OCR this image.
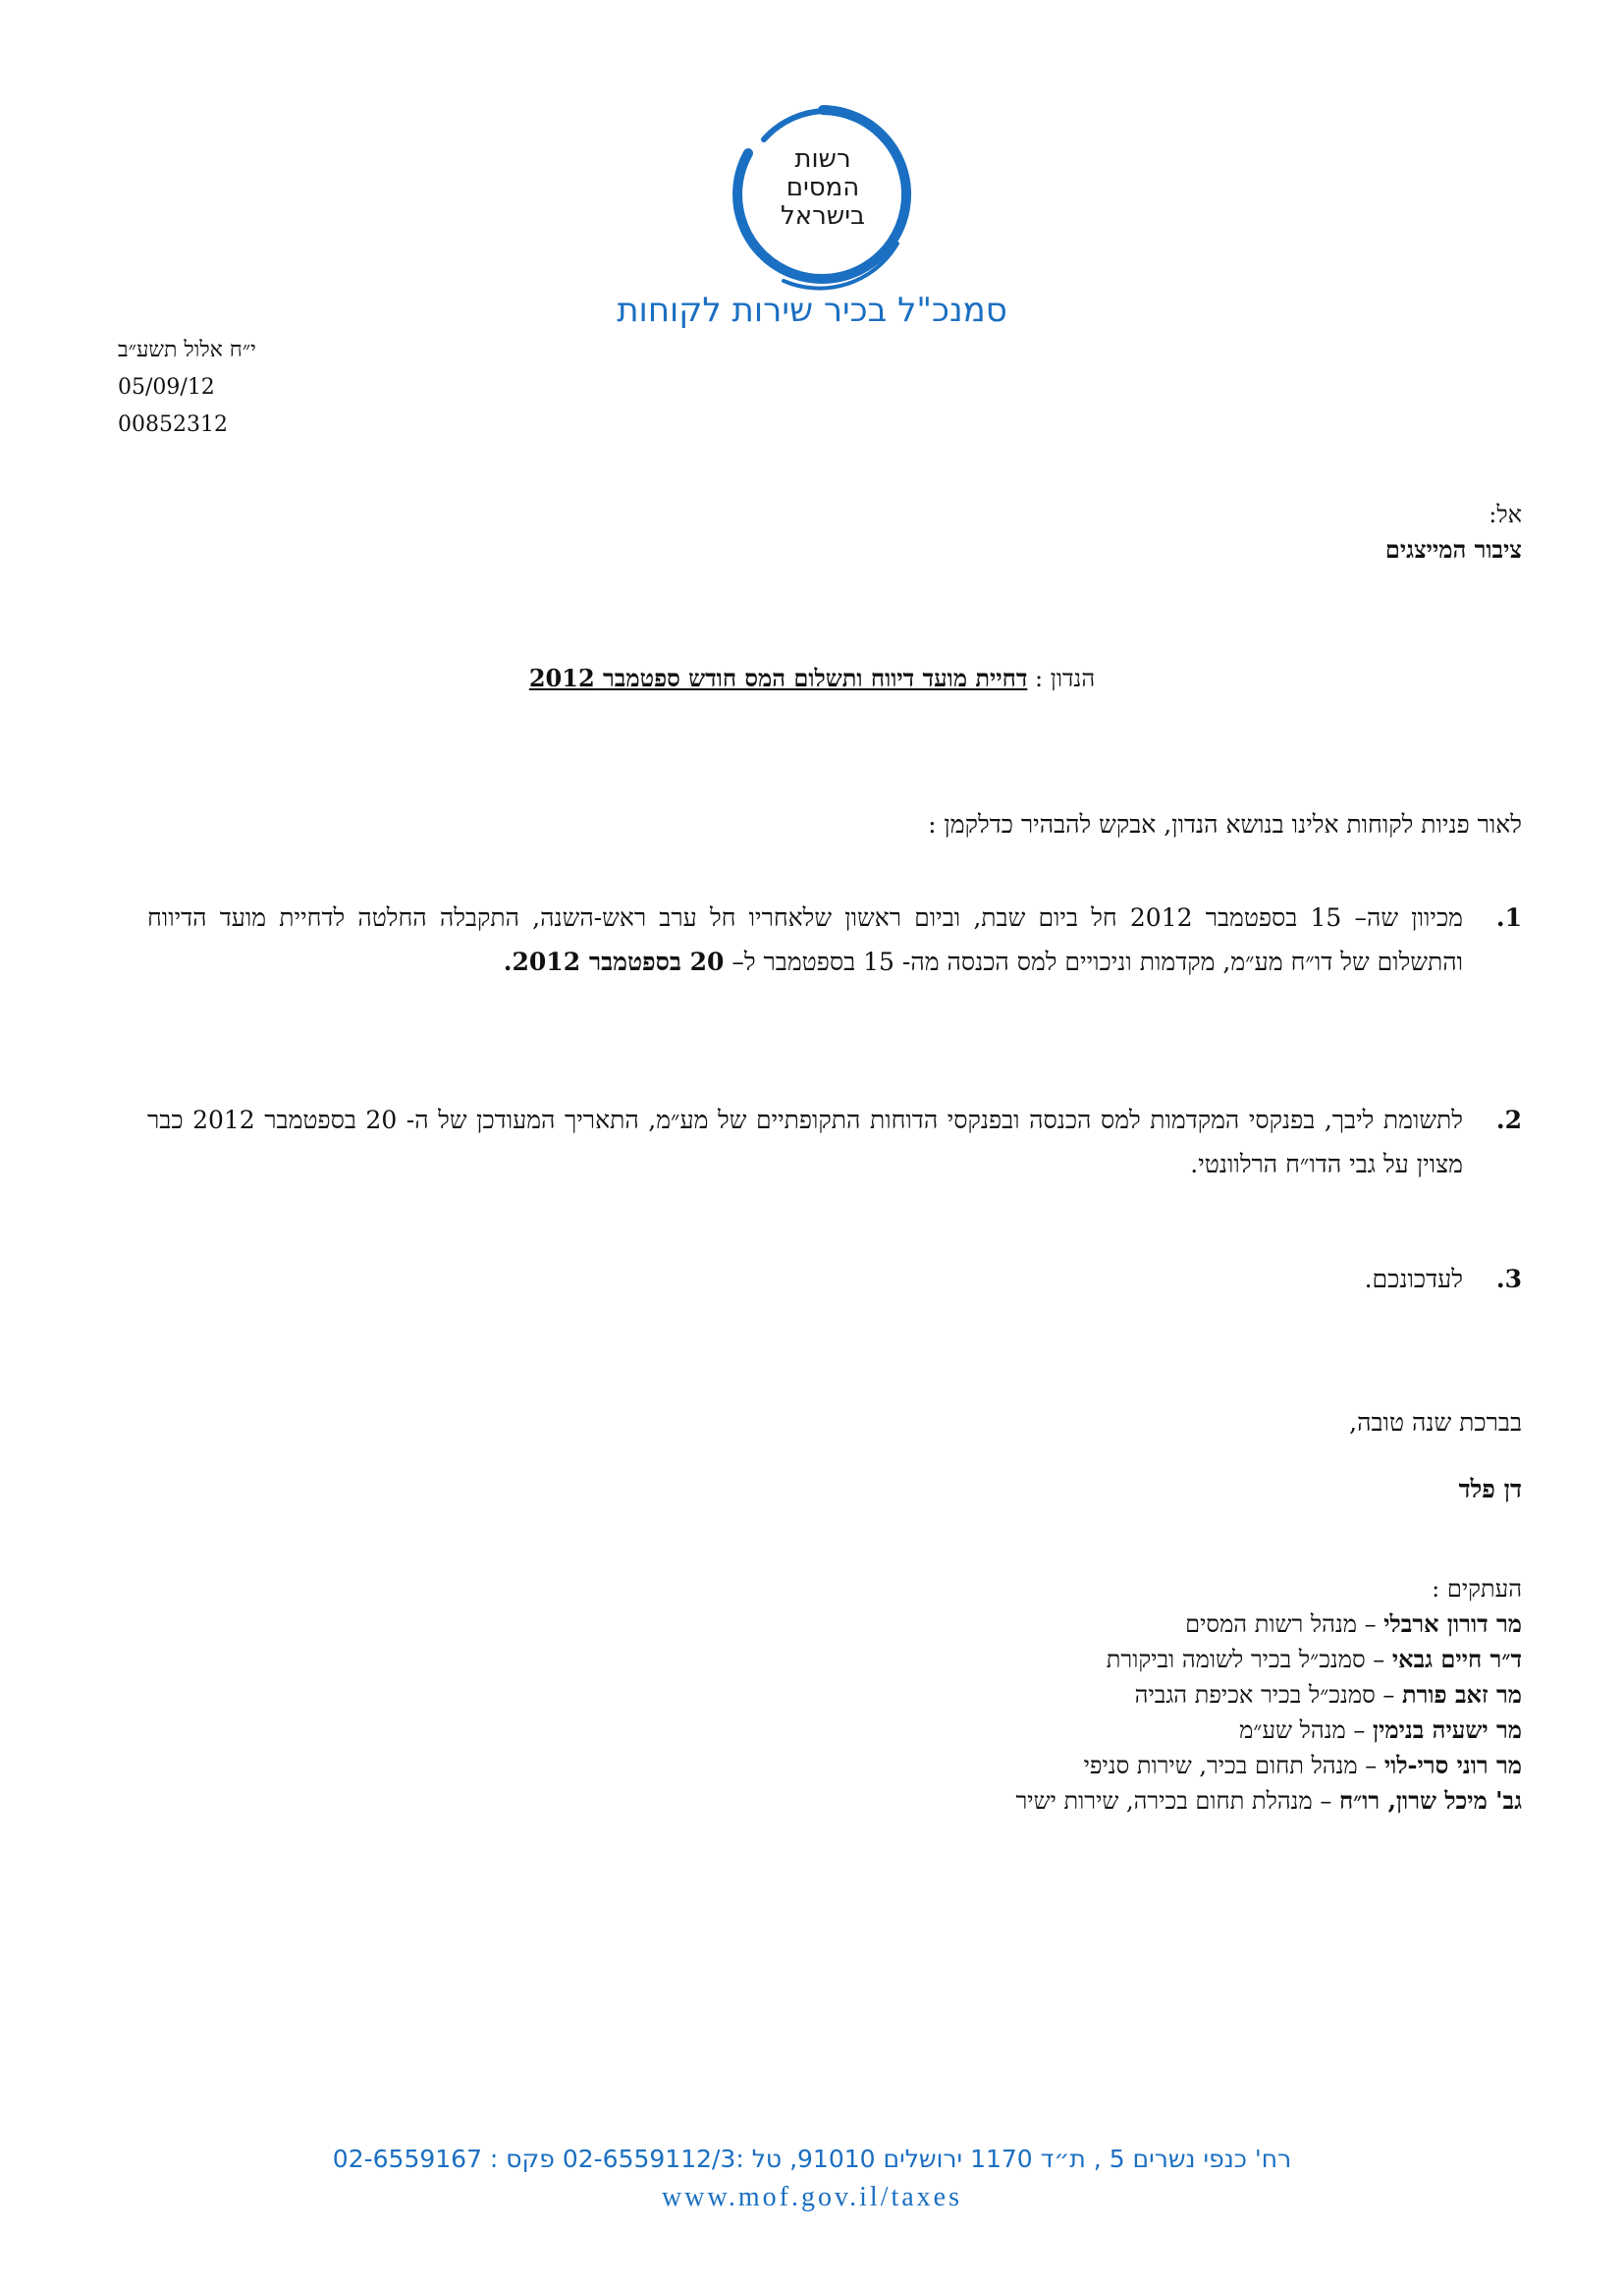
רשות
המסים
בישראל
סמנכ"ל בכיר שירות לקוחות
י״ח אלול תשע״ב
05/09/12
00852312
אל:
ציבור המייצגים
הנדון : דחיית מועד דיווח ותשלום המס חודש ספטמבר 2012
לאור פניות לקוחות אלינו בנושא הנדון, אבקש להבהיר כדלקמן :
1.
מכיוון שה– 15 בספטמבר 2012 חל ביום שבת, וביום ראשון שלאחריו חל ערב ראש-השנה, התקבלה החלטה לדחיית מועד הדיווח והתשלום של דו״ח מע״מ, מקדמות וניכויים למס הכנסה מה- 15 בספטמבר ל– 20 בספטמבר 2012.
2.
לתשומת ליבך, בפנקסי המקדמות למס הכנסה ובפנקסי הדוחות התקופתיים של מע״מ, התאריך המעודכן של ה- 20 בספטמבר 2012 כבר מצוין על גבי הדו״ח הרלוונטי.
3.
לעדכונכם.
בברכת שנה טובה,
דן פלד
העתקים :
מר דורון ארבלי – מנהל רשות המסים
ד״ר חיים גבאי – סמנכ״ל בכיר לשומה וביקורת
מר זאב פורת – סמנכ״ל בכיר אכיפת הגביה
מר ישעיה בנימין – מנהל שע״מ
מר רוני סרי-לוי – מנהל תחום בכיר, שירות סניפי
גב' מיכל שרון, רו״ח – מנהלת תחום בכירה, שירות ישיר
רח' כנפי נשרים 5 , ת״ד 1170 ירושלים 91010, טל :02-6559112/3 פקס : 02-6559167
www.mof.gov.il/taxes
